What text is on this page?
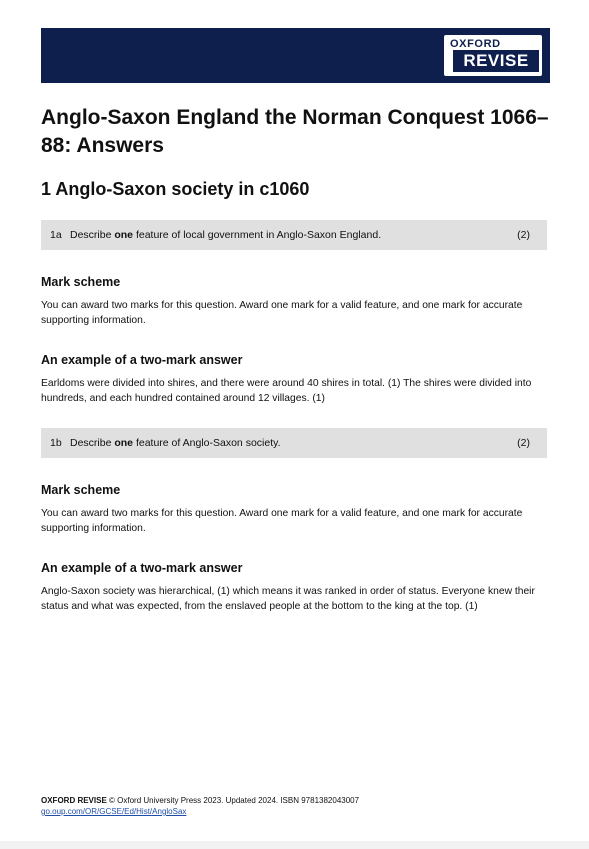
OXFORD
REVISE
Anglo-Saxon England the Norman Conquest 1066–88: Answers
1 Anglo-Saxon society in c1060
1a Describe one feature of local government in Anglo-Saxon England.	(2)
Mark scheme

You can award two marks for this question. Award one mark for a valid feature, and one mark for accurate supporting information.

An example of a two-mark answer

Earldoms were divided into shires, and there were around 40 shires in total. (1) The shires were divided into hundreds, and each hundred contained around 12 villages. (1)

1b Describe one feature of Anglo-Saxon society.	(2)
Mark scheme

You can award two marks for this question. Award one mark for a valid feature, and one mark for accurate supporting information.

An example of a two-mark answer

Anglo-Saxon society was hierarchical, (1) which means it was ranked in order of status. Everyone knew their status and what was expected, from the enslaved people at the bottom to the king at the top. (1)

OXFORD REVISE © Oxford University Press 2023. Updated 2024. ISBN 9781382043007
go.oup.com/OR/GCSE/Ed/Hist/AngloSax
